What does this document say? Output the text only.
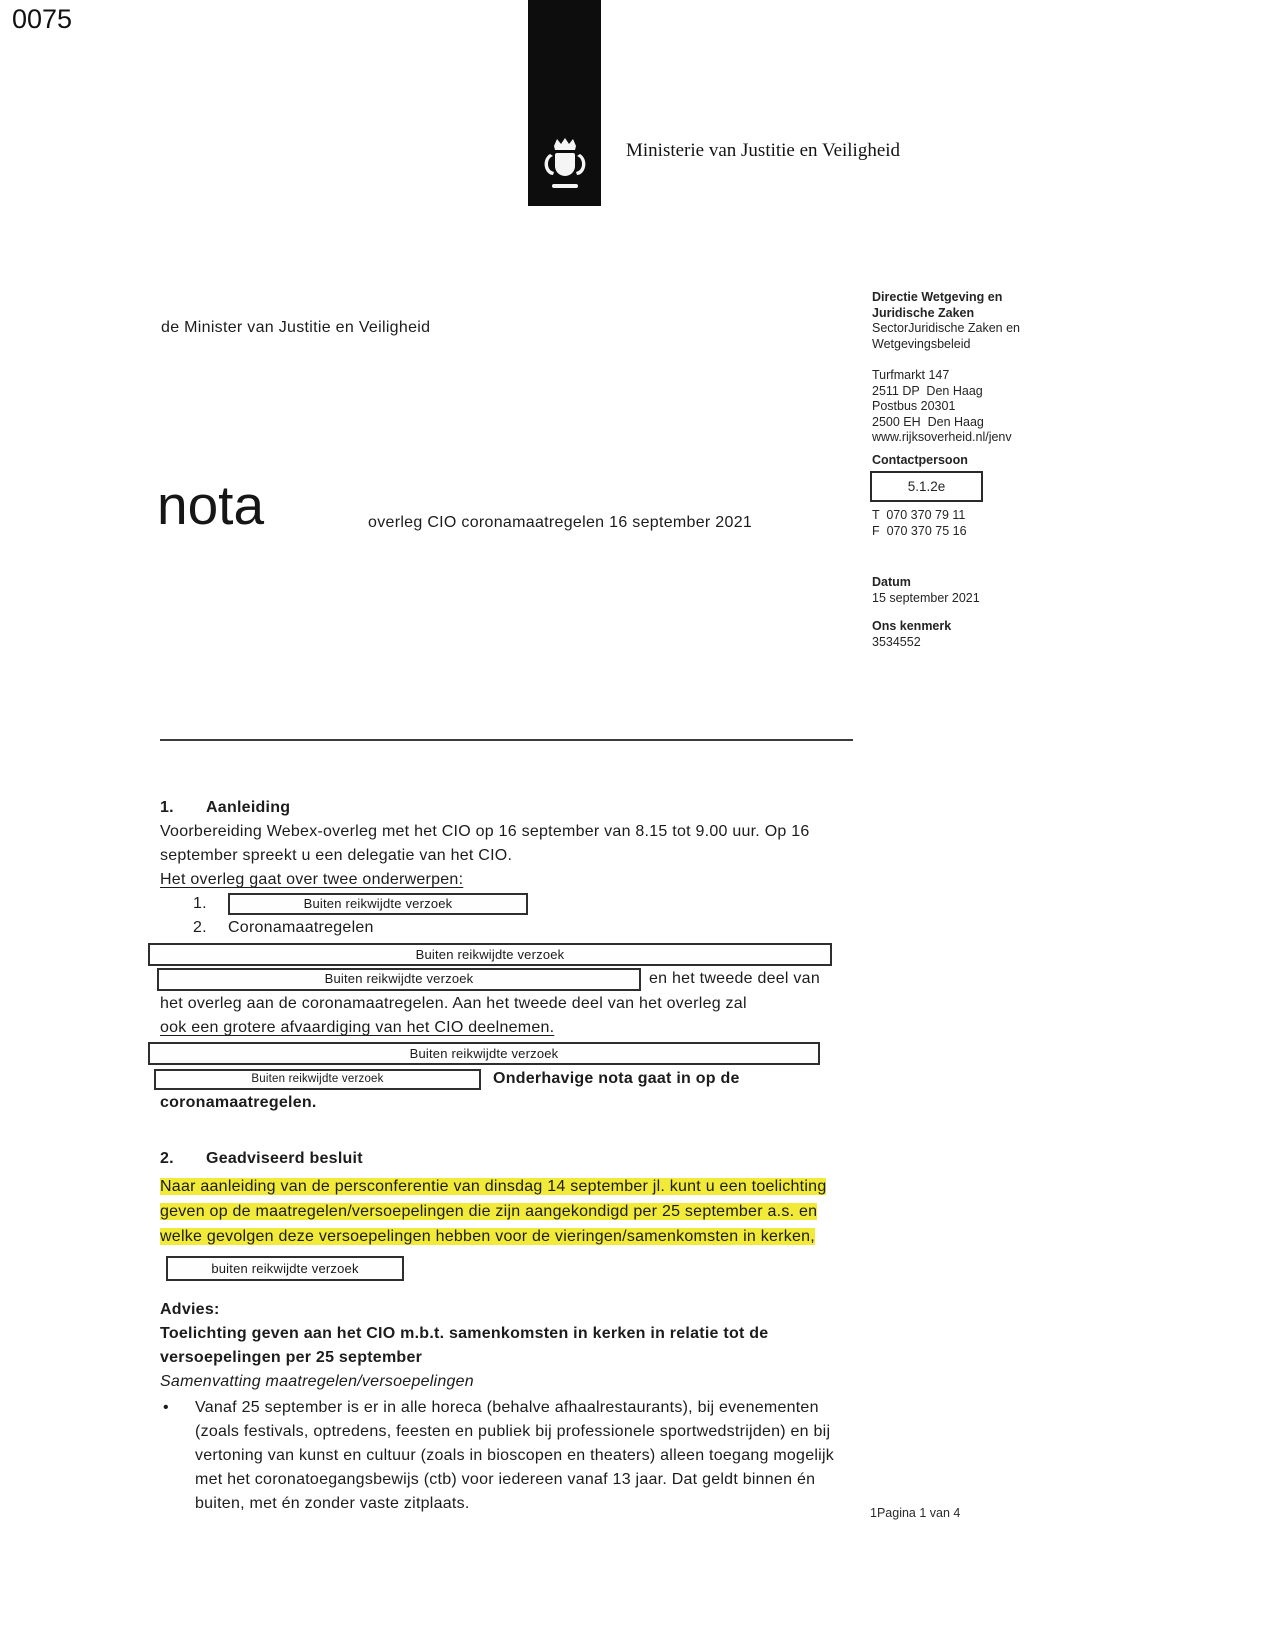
0075
Ministerie van Justitie en Veiligheid
de Minister van Justitie en Veiligheid
Directie Wetgeving en
Juridische Zaken
SectorJuridische Zaken en
Wetgevingsbeleid
Turfmarkt 147
2511 DP  Den Haag
Postbus 20301
2500 EH  Den Haag
www.rijksoverheid.nl/jenv
Contactpersoon
5.1.2e
T  070 370 79 11
F  070 370 75 16
Datum
15 september 2021
Ons kenmerk
3534552
nota	overleg CIO coronamaatregelen 16 september 2021
1.	Aanleiding

Voorbereiding Webex-overleg met het CIO op 16 september van 8.15 tot 9.00 uur. Op 16 september spreekt u een delegatie van het CIO.

Het overleg gaat over twee onderwerpen:
1.	Buiten reikwijdte verzoek
2.	Coronamaatregelen
Buiten reikwijdte verzoek
Buiten reikwijdte verzoek	en het tweede deel van
het overleg aan de coronamaatregelen. Aan het tweede deel van het overleg zal
ook een grotere afvaardiging van het CIO deelnemen.
Buiten reikwijdte verzoek
Buiten reikwijdte verzoek	Onderhavige nota gaat in op de
coronamaatregelen.
2.	Geadviseerd besluit

Naar aanleiding van de persconferentie van dinsdag 14 september jl. kunt u een toelichting geven op de maatregelen/versoepelingen die zijn aangekondigd per 25 september a.s. en welke gevolgen deze versoepelingen hebben voor de vieringen/samenkomsten in kerken, buiten reikwijdte verzoek

Advies:
Toelichting geven aan het CIO m.b.t. samenkomsten in kerken in relatie tot de versoepelingen per 25 september
Samenvatting maatregelen/versoepelingen
•	Vanaf 25 september is er in alle horeca (behalve afhaalrestaurants), bij evenementen (zoals festivals, optredens, feesten en publiek bij professionele sportwedstrijden) en bij vertoning van kunst en cultuur (zoals in bioscopen en theaters) alleen toegang mogelijk met het coronatoegangsbewijs (ctb) voor iedereen vanaf 13 jaar. Dat geldt binnen én buiten, met én zonder vaste zitplaats.
1Pagina 1 van 4
